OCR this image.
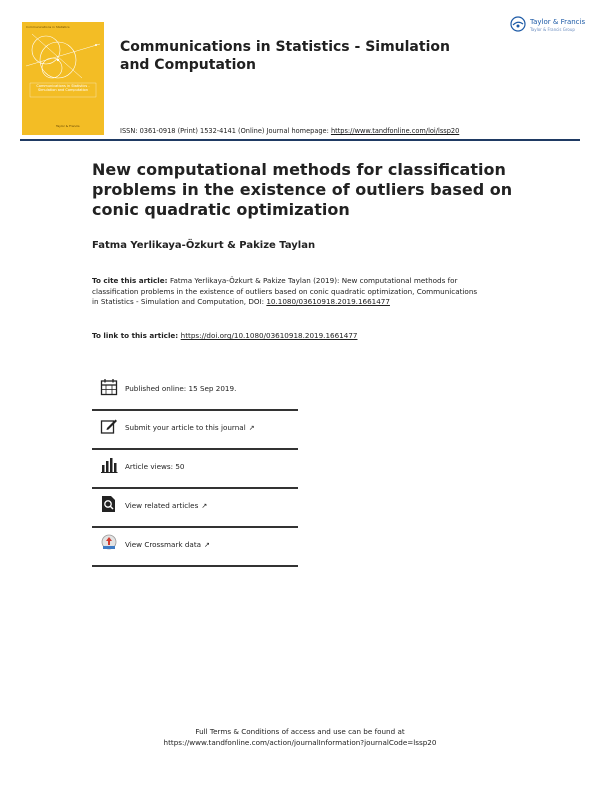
Communications in Statistics
Communications in Statistics - Simulation and Computation
Taylor & Francis
Communications in Statistics - Simulation and Computation
Taylor & Francis
Taylor & Francis Group
ISSN: 0361-0918 (Print) 1532-4141 (Online) Journal homepage: https://www.tandfonline.com/loi/lssp20
New computational methods for classification problems in the existence of outliers based on conic quadratic optimization
Fatma Yerlikaya-Özkurt & Pakize Taylan
To cite this article: Fatma Yerlikaya-Özkurt & Pakize Taylan (2019): New computational methods for classification problems in the existence of outliers based on conic quadratic optimization, Communications in Statistics - Simulation and Computation, DOI: 10.1080/03610918.2019.1661477
To link to this article: https://doi.org/10.1080/03610918.2019.1661477
Published online: 15 Sep 2019.
Submit your article to this journal ↗
Article views: 50
View related articles ↗
View Crossmark data ↗
Full Terms & Conditions of access and use can be found at
https://www.tandfonline.com/action/journalInformation?journalCode=lssp20
